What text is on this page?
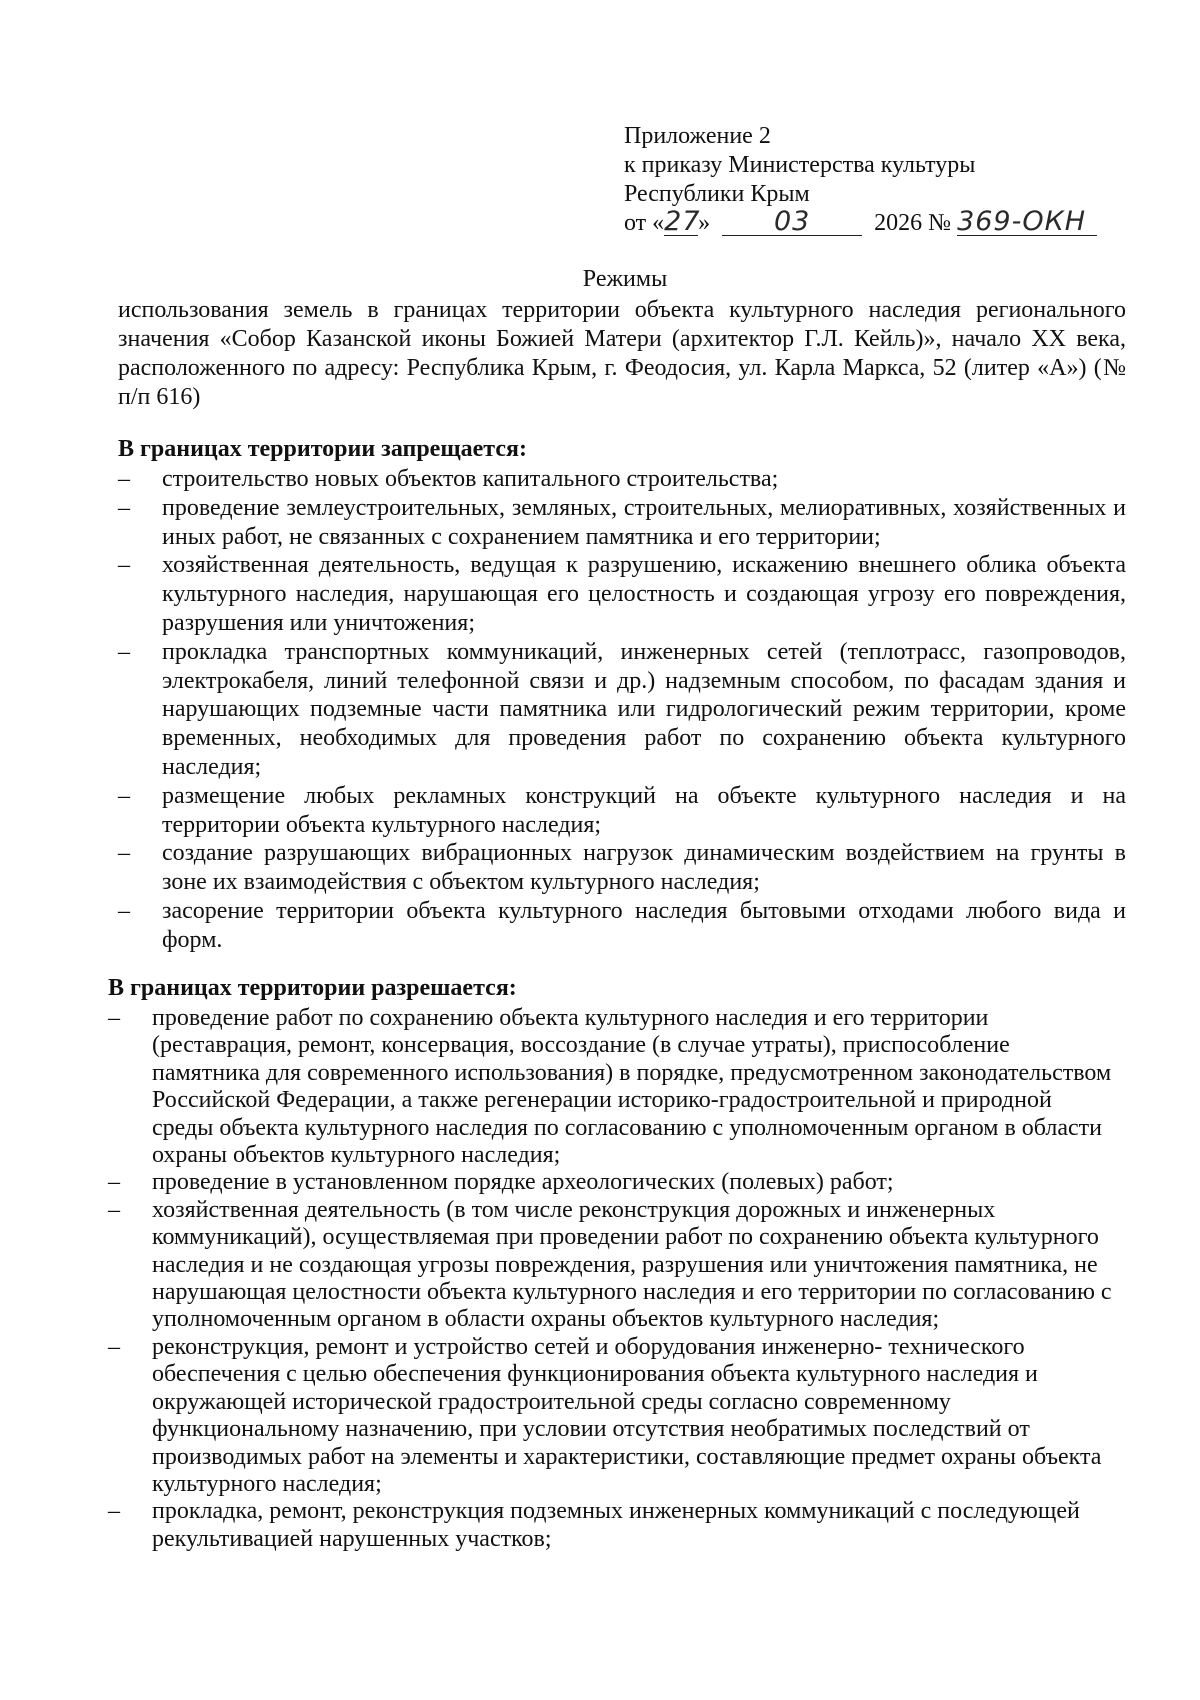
Приложение 2
к приказу Министерства культуры
Республики Крым
от «27» 03	2026 № 369-ОКН
Режимы
использования земель в границах территории объекта культурного наследия регионального значения «Собор Казанской иконы Божией Матери (архитектор Г.Л. Кейль)», начало XX века, расположенного по адресу: Республика Крым, г. Феодосия, ул. Карла Маркса, 52 (литер «А») (№ п/п 616)
В границах территории запрещается:
– строительство новых объектов капитального строительства;
– проведение землеустроительных, земляных, строительных, мелиоративных, хозяйственных и иных работ, не связанных с сохранением памятника и его территории;
– хозяйственная деятельность, ведущая к разрушению, искажению внешнего облика объекта культурного наследия, нарушающая его целостность и создающая угрозу его повреждения, разрушения или уничтожения;
– прокладка транспортных коммуникаций, инженерных сетей (теплотрасс, газопроводов, электрокабеля, линий телефонной связи и др.) надземным способом, по фасадам здания и нарушающих подземные части памятника или гидрологический режим территории, кроме временных, необходимых для проведения работ по сохранению объекта культурного наследия;
– размещение любых рекламных конструкций на объекте культурного наследия и на территории объекта культурного наследия;
– создание разрушающих вибрационных нагрузок динамическим воздействием на грунты в зоне их взаимодействия с объектом культурного наследия;
– засорение территории объекта культурного наследия бытовыми отходами любого вида и форм.
В границах территории разрешается:
– проведение работ по сохранению объекта культурного наследия и его территории (реставрация, ремонт, консервация, воссоздание (в случае утраты), приспособление памятника для современного использования) в порядке, предусмотренном законодательством Российской Федерации, а также регенерации историко-градостроительной и природной среды объекта культурного наследия по согласованию с уполномоченным органом в области охраны объектов культурного наследия;
– проведение в установленном порядке археологических (полевых) работ;
– хозяйственная деятельность (в том числе реконструкция дорожных и инженерных коммуникаций), осуществляемая при проведении работ по сохранению объекта культурного наследия и не создающая угрозы повреждения, разрушения или уничтожения памятника, не нарушающая целостности объекта культурного наследия и его территории по согласованию с уполномоченным органом в области охраны объектов культурного наследия;
– реконструкция, ремонт и устройство сетей и оборудования инженерно- технического обеспечения с целью обеспечения функционирования объекта культурного наследия и окружающей исторической градостроительной среды согласно современному функциональному назначению, при условии отсутствия необратимых последствий от производимых работ на элементы и характеристики, составляющие предмет охраны объекта культурного наследия;
– прокладка, ремонт, реконструкция подземных инженерных коммуникаций с последующей рекультивацией нарушенных участков;
